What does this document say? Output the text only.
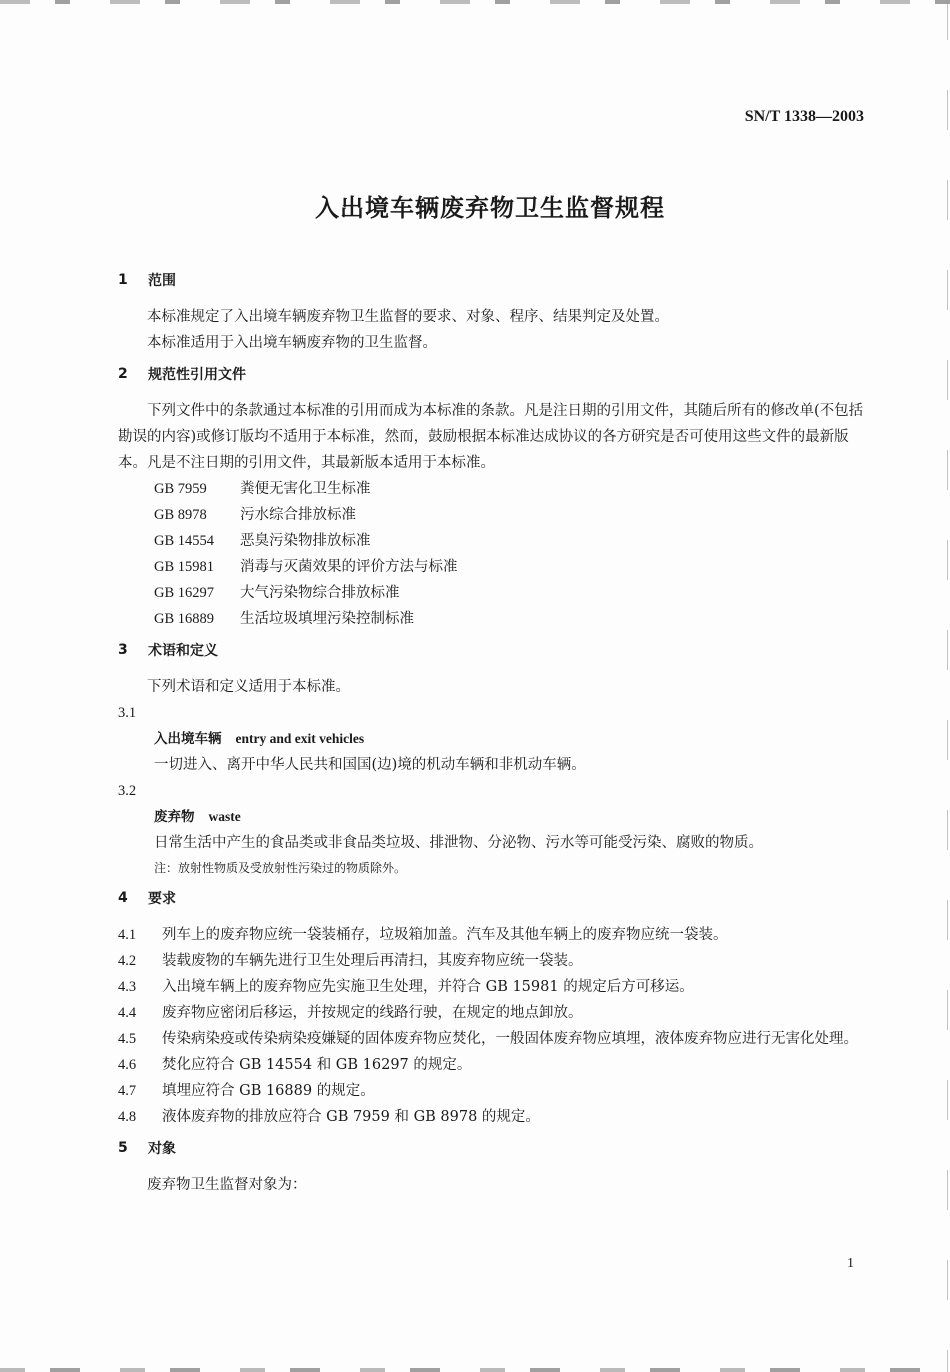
SN/T 1338—2003
入出境车辆废弃物卫生监督规程
1	范围
本标准规定了入出境车辆废弃物卫生监督的要求、对象、程序、结果判定及处置。
本标准适用于入出境车辆废弃物的卫生监督。
2	规范性引用文件
下列文件中的条款通过本标准的引用而成为本标准的条款。凡是注日期的引用文件，其随后所有的修改单(不包括勘误的内容)或修订版均不适用于本标准，然而，鼓励根据本标准达成协议的各方研究是否可使用这些文件的最新版本。凡是不注日期的引用文件，其最新版本适用于本标准。
GB 7959 粪便无害化卫生标准
GB 8978 污水综合排放标准
GB 14554 恶臭污染物排放标准
GB 15981 消毒与灭菌效果的评价方法与标准
GB 16297 大气污染物综合排放标准
GB 16889 生活垃圾填埋污染控制标准
3	术语和定义
下列术语和定义适用于本标准。
3.1
入出境车辆 entry and exit vehicles
一切进入、离开中华人民共和国国(边)境的机动车辆和非机动车辆。
3.2
废弃物 waste
日常生活中产生的食品类或非食品类垃圾、排泄物、分泌物、污水等可能受污染、腐败的物质。
注：放射性物质及受放射性污染过的物质除外。
4	要求
4.1 列车上的废弃物应统一袋装桶存，垃圾箱加盖。汽车及其他车辆上的废弃物应统一袋装。
4.2 装载废物的车辆先进行卫生处理后再清扫，其废弃物应统一袋装。
4.3 入出境车辆上的废弃物应先实施卫生处理，并符合 GB 15981 的规定后方可移运。
4.4 废弃物应密闭后移运，并按规定的线路行驶，在规定的地点卸放。
4.5 传染病染疫或传染病染疫嫌疑的固体废弃物应焚化，一般固体废弃物应填埋，液体废弃物应进行无害化处理。
4.6 焚化应符合 GB 14554 和 GB 16297 的规定。
4.7 填埋应符合 GB 16889 的规定。
4.8 液体废弃物的排放应符合 GB 7959 和 GB 8978 的规定。
5	对象
废弃物卫生监督对象为：
1
